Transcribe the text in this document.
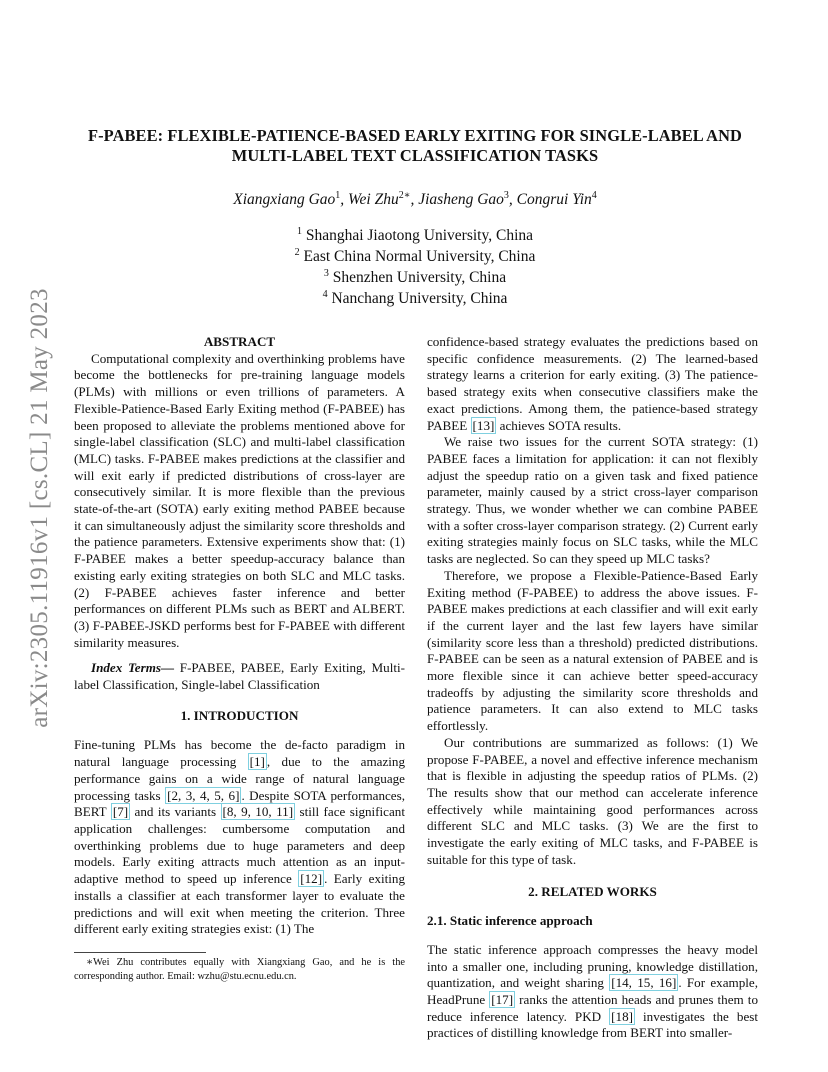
arXiv:2305.11916v1 [cs.CL] 21 May 2023
F-PABEE: FLEXIBLE-PATIENCE-BASED EARLY EXITING FOR SINGLE-LABEL AND
MULTI-LABEL TEXT CLASSIFICATION TASKS
Xiangxiang Gao$^1$, Wei Zhu$^{2∗}$, Jiasheng Gao$^3$, Congrui Yin$^4$
$^1$ Shanghai Jiaotong University, China
$^2$ East China Normal University, China
$^3$ Shenzhen University, China
$^4$ Nanchang University, China

ABSTRACT

Computational complexity and overthinking problems have become the bottlenecks for pre-training language models (PLMs) with millions or even trillions of parameters. A Flexible-Patience-Based Early Exiting method (F-PABEE) has been proposed to alleviate the problems mentioned above for single-label classification (SLC) and multi-label classification (MLC) tasks. F-PABEE makes predictions at the classifier and will exit early if predicted distributions of cross-layer are consecutively similar. It is more flexible than the previous state-of-the-art (SOTA) early exiting method PABEE because it can simultaneously adjust the similarity score thresholds and the patience parameters. Extensive experiments show that: (1) F-PABEE makes a better speedup-accuracy balance than existing early exiting strategies on both SLC and MLC tasks. (2) F-PABEE achieves faster inference and better performances on different PLMs such as BERT and ALBERT. (3) F-PABEE-JSKD performs best for F-PABEE with different similarity measures.

Index Terms— F-PABEE, PABEE, Early Exiting, Multi-label Classification, Single-label Classification

1. INTRODUCTION

Fine-tuning PLMs has become the de-facto paradigm in natural language processing [1] , due to the amazing performance gains on a wide range of natural language processing tasks [2, 3, 4, 5, 6] . Despite SOTA performances, BERT [7] and its variants [8, 9, 10, 11] still face significant application challenges: cumbersome computation and overthinking problems due to huge parameters and deep models. Early exiting attracts much attention as an input-adaptive method to speed up inference [12] . Early exiting installs a classifier at each transformer layer to evaluate the predictions and will exit when meeting the criterion. Three different early exiting strategies exist: (1) The

confidence-based strategy evaluates the predictions based on specific confidence measurements. (2) The learned-based strategy learns a criterion for early exiting. (3) The patience-based strategy exits when consecutive classifiers make the exact predictions. Among them, the patience-based strategy PABEE [13] achieves SOTA results.

We raise two issues for the current SOTA strategy: (1) PABEE faces a limitation for application: it can not flexibly adjust the speedup ratio on a given task and fixed patience parameter, mainly caused by a strict cross-layer comparison strategy. Thus, we wonder whether we can combine PABEE with a softer cross-layer comparison strategy. (2) Current early exiting strategies mainly focus on SLC tasks, while the MLC tasks are neglected. So can they speed up MLC tasks?

Therefore, we propose a Flexible-Patience-Based Early Exiting method (F-PABEE) to address the above issues. F-PABEE makes predictions at each classifier and will exit early if the current layer and the last few layers have similar (similarity score less than a threshold) predicted distributions. F-PABEE can be seen as a natural extension of PABEE and is more flexible since it can achieve better speed-accuracy tradeoffs by adjusting the similarity score thresholds and patience parameters. It can also extend to MLC tasks effortlessly.

Our contributions are summarized as follows: (1) We propose F-PABEE, a novel and effective inference mechanism that is flexible in adjusting the speedup ratios of PLMs. (2) The results show that our method can accelerate inference effectively while maintaining good performances across different SLC and MLC tasks. (3) We are the first to investigate the early exiting of MLC tasks, and F-PABEE is suitable for this type of task.

2. RELATED WORKS

2.1. Static inference approach

The static inference approach compresses the heavy model into a smaller one, including pruning, knowledge distillation, quantization, and weight sharing [14, 15, 16] . For example, HeadPrune [17] ranks the attention heads and prunes them to reduce inference latency. PKD [18] investigates the best practices of distilling knowledge from BERT into smaller-

∗Wei Zhu contributes equally with Xiangxiang Gao, and he is the corresponding author. Email: wzhu@stu.ecnu.edu.cn.
